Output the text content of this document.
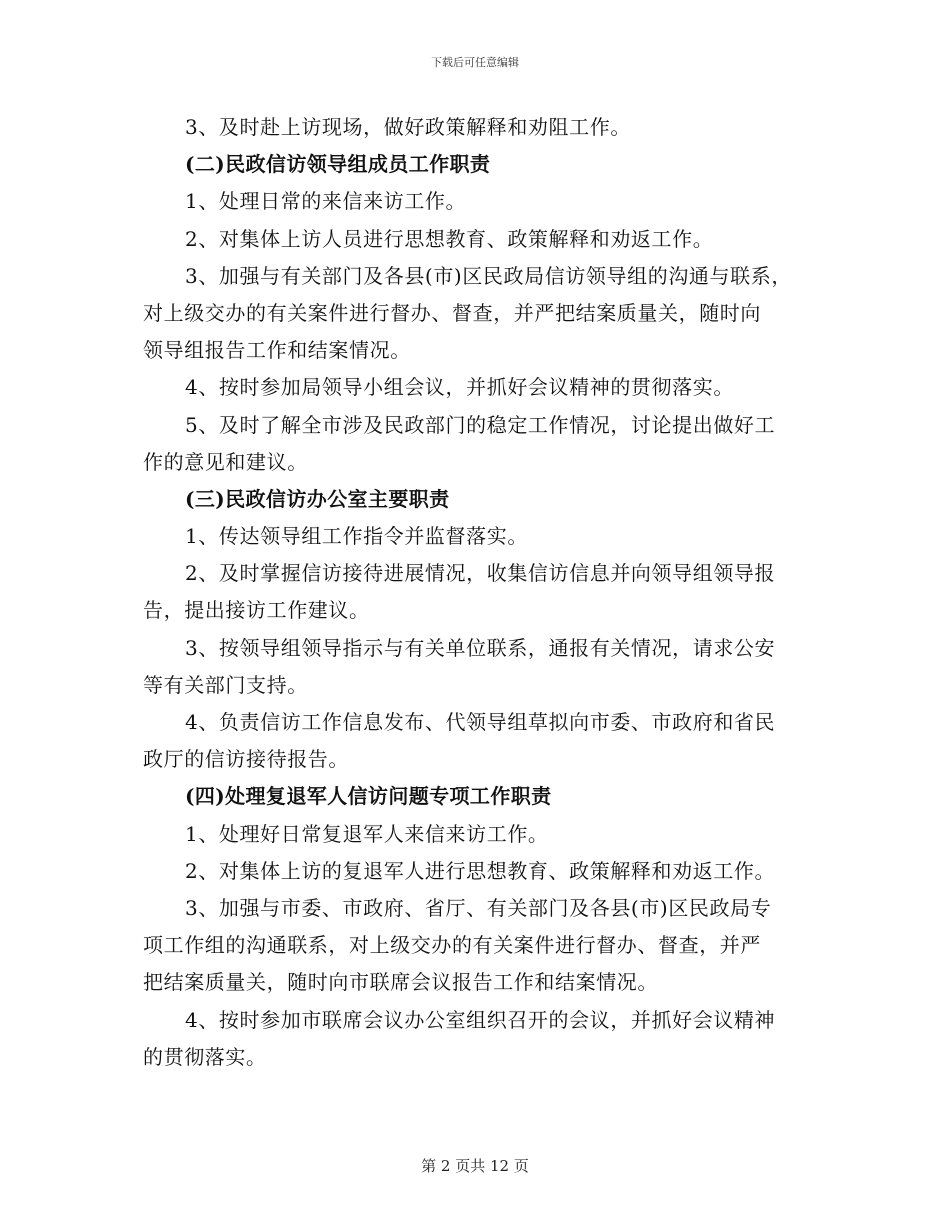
下载后可任意编辑
3、及时赴上访现场，做好政策解释和劝阻工作。
(二)民政信访领导组成员工作职责
1、处理日常的来信来访工作。
2、对集体上访人员进行思想教育、政策解释和劝返工作。
3、加强与有关部门及各县(市)区民政局信访领导组的沟通与联系，
对上级交办的有关案件进行督办、督查，并严把结案质量关，随时向
领导组报告工作和结案情况。
4、按时参加局领导小组会议，并抓好会议精神的贯彻落实。
5、及时了解全市涉及民政部门的稳定工作情况，讨论提出做好工
作的意见和建议。
(三)民政信访办公室主要职责
1、传达领导组工作指令并监督落实。
2、及时掌握信访接待进展情况，收集信访信息并向领导组领导报
告，提出接访工作建议。
3、按领导组领导指示与有关单位联系，通报有关情况，请求公安
等有关部门支持。
4、负责信访工作信息发布、代领导组草拟向市委、市政府和省民
政厅的信访接待报告。
(四)处理复退军人信访问题专项工作职责
1、处理好日常复退军人来信来访工作。
2、对集体上访的复退军人进行思想教育、政策解释和劝返工作。
3、加强与市委、市政府、省厅、有关部门及各县(市)区民政局专
项工作组的沟通联系，对上级交办的有关案件进行督办、督查，并严
把结案质量关，随时向市联席会议报告工作和结案情况。
4、按时参加市联席会议办公室组织召开的会议，并抓好会议精神
的贯彻落实。
第 2 页共 12 页
